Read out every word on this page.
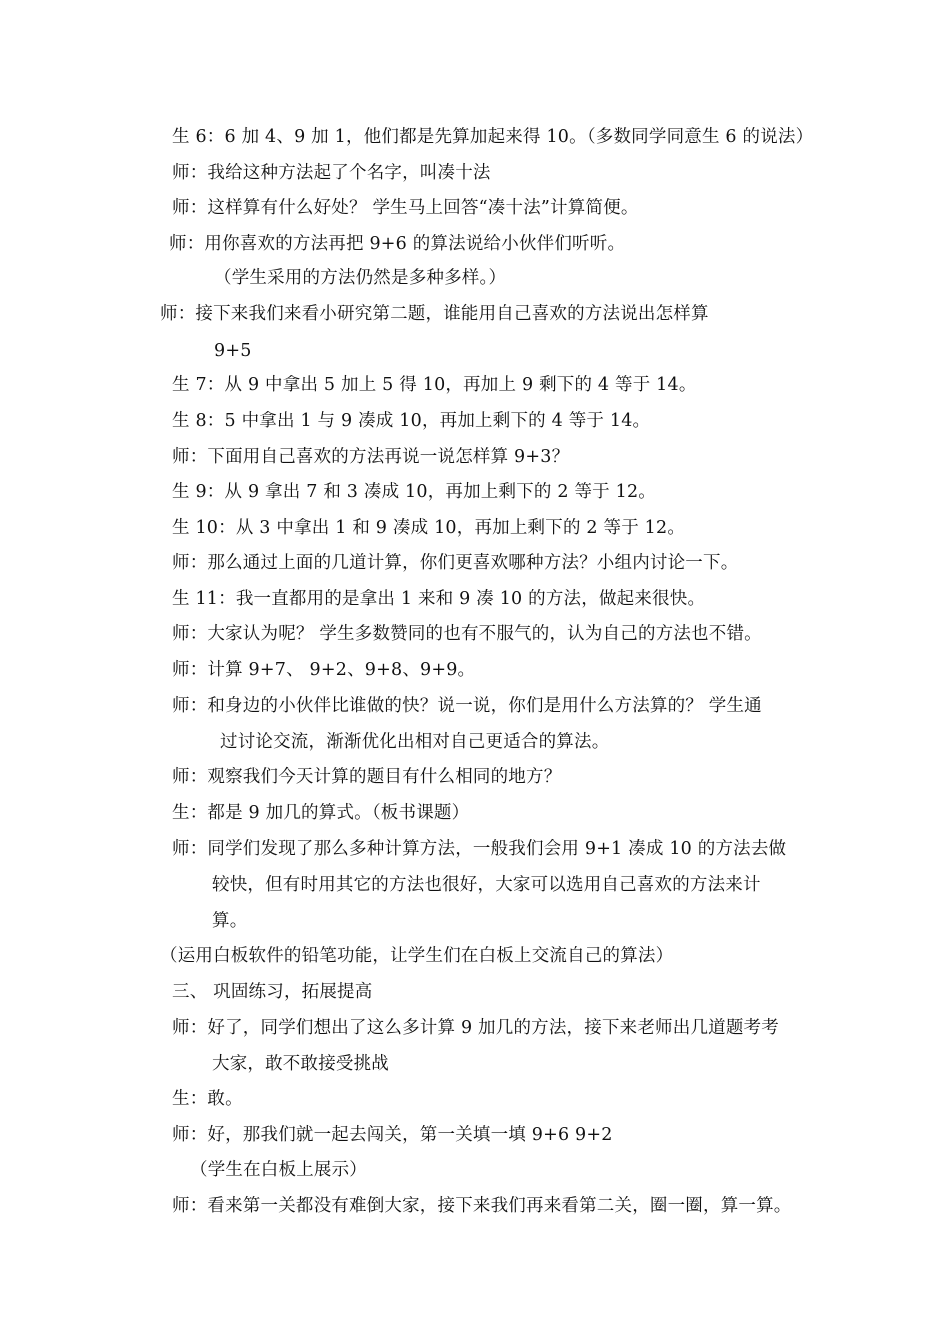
生 6：6 加 4、9 加 1，他们都是先算加起来得 10。（多数同学同意生 6 的说法）
师：我给这种方法起了个名字，叫凑十法
师：这样算有什么好处？ 学生马上回答“凑十法”计算简便。
师：用你喜欢的方法再把 9+6 的算法说给小伙伴们听听。
（学生采用的方法仍然是多种多样。）
师：接下来我们来看小研究第二题，谁能用自己喜欢的方法说出怎样算
9+5
生 7：从 9 中拿出 5 加上 5 得 10，再加上 9 剩下的 4 等于 14。
生 8：5 中拿出 1 与 9 凑成 10，再加上剩下的 4 等于 14。
师：下面用自己喜欢的方法再说一说怎样算 9+3？
生 9：从 9 拿出 7 和 3 凑成 10，再加上剩下的 2 等于 12。
生 10：从 3 中拿出 1 和 9 凑成 10，再加上剩下的 2 等于 12。
师：那么通过上面的几道计算，你们更喜欢哪种方法？小组内讨论一下。
生 11：我一直都用的是拿出 1 来和 9 凑 10 的方法，做起来很快。
师：大家认为呢？ 学生多数赞同的也有不服气的，认为自己的方法也不错。
师：计算 9+7、 9+2、9+8、9+9。
师：和身边的小伙伴比谁做的快？说一说，你们是用什么方法算的？ 学生通
过讨论交流，渐渐优化出相对自己更适合的算法。
师：观察我们今天计算的题目有什么相同的地方？
生：都是 9 加几的算式。（板书课题）
师：同学们发现了那么多种计算方法，一般我们会用 9+1 凑成 10 的方法去做
较快，但有时用其它的方法也很好，大家可以选用自己喜欢的方法来计
算。
（运用白板软件的铅笔功能，让学生们在白板上交流自己的算法）
三、 巩固练习，拓展提高
师：好了，同学们想出了这么多计算 9 加几的方法，接下来老师出几道题考考
大家，敢不敢接受挑战
生：敢。
师：好，那我们就一起去闯关，第一关填一填 9+6 9+2
（学生在白板上展示）
师：看来第一关都没有难倒大家，接下来我们再来看第二关，圈一圈，算一算。
